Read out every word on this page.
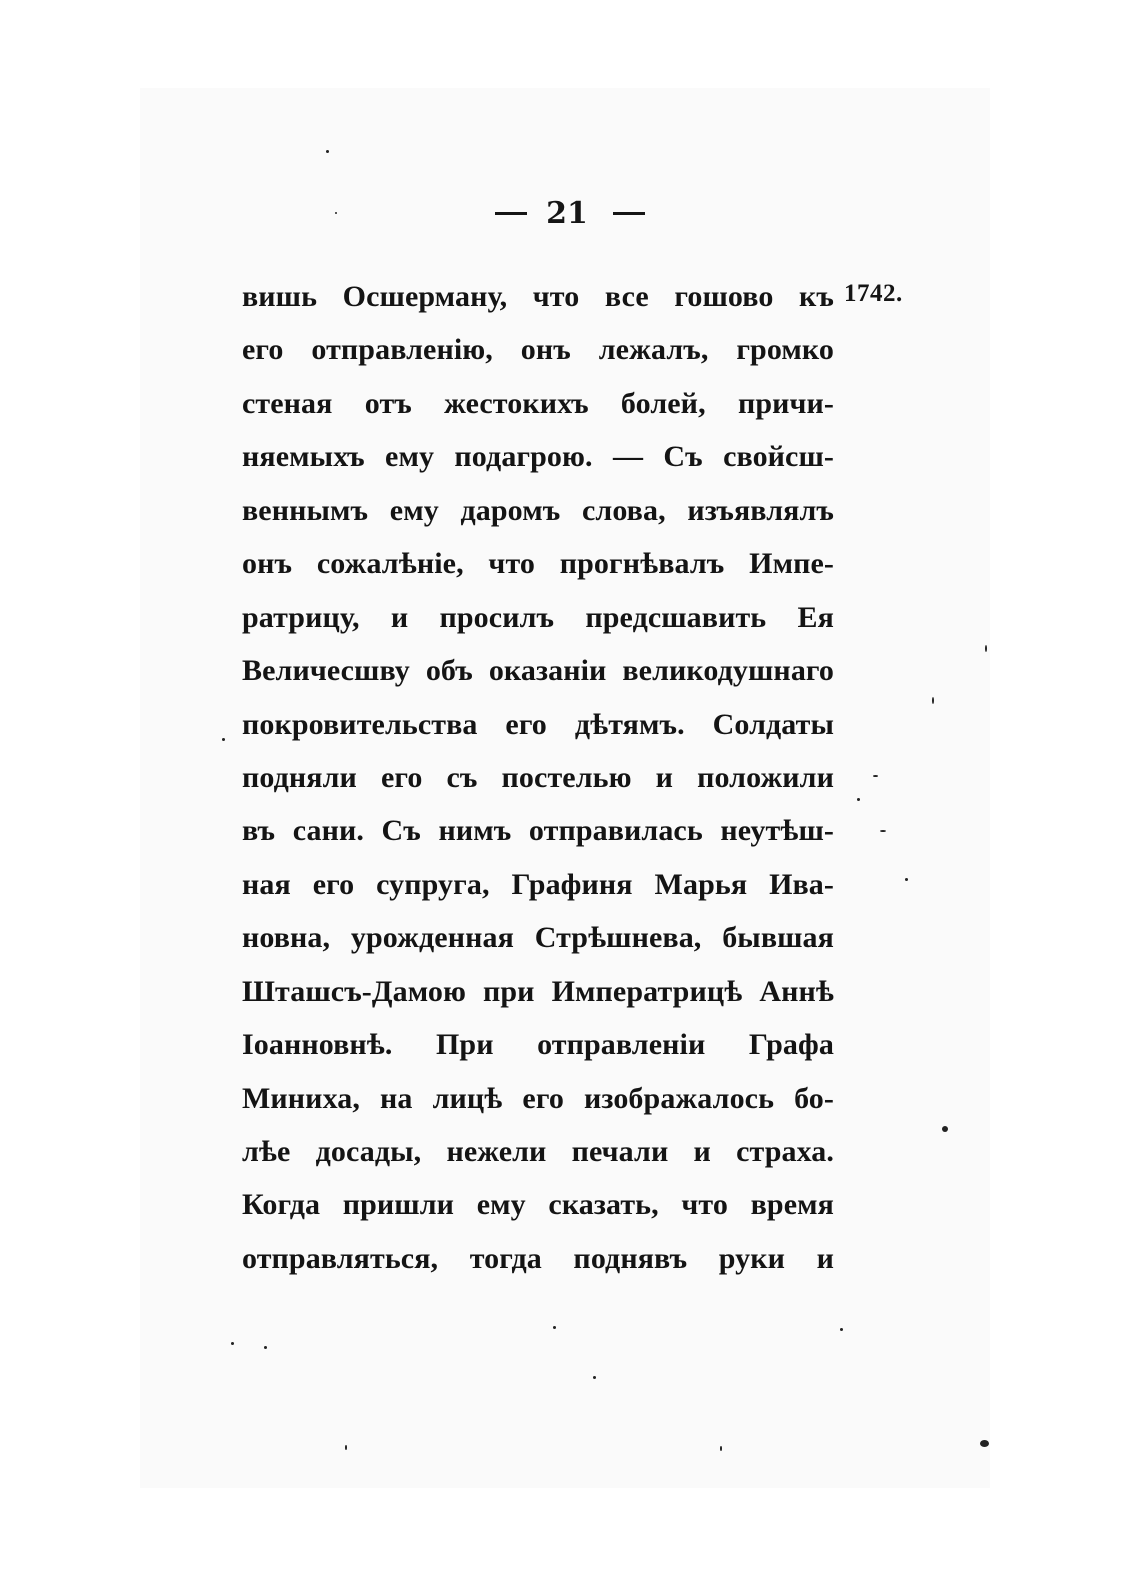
21
1742.
вишь Осшерману, что все гошово къ
его отправленію, онъ лежалъ, громко
стеная отъ жестокихъ болей, причи-
няемыхъ ему подагрою. — Съ свойсш-
веннымъ ему даромъ слова, изъявлялъ
онъ сожалѣніе, что прогнѣвалъ Импе-
ратрицу, и просилъ предсшавить Ея
Величесшву объ оказаніи великодушнаго
покровительства его дѣтямъ. Солдаты
подняли его съ постелью и положили
въ сани. Съ нимъ отправилась неутѣш-
ная его супруга, Графиня Марья Ива-
новна, урожденная Стрѣшнева, бывшая
Шташсъ-Дамою при Императрицѣ Аннѣ
Іоанновнѣ. При отправленіи Графа
Миниха, на лицѣ его изображалось бо-
лѣе досады, нежели печали и страха.
Когда пришли ему сказать, что время
отправляться, тогда поднявъ руки и
